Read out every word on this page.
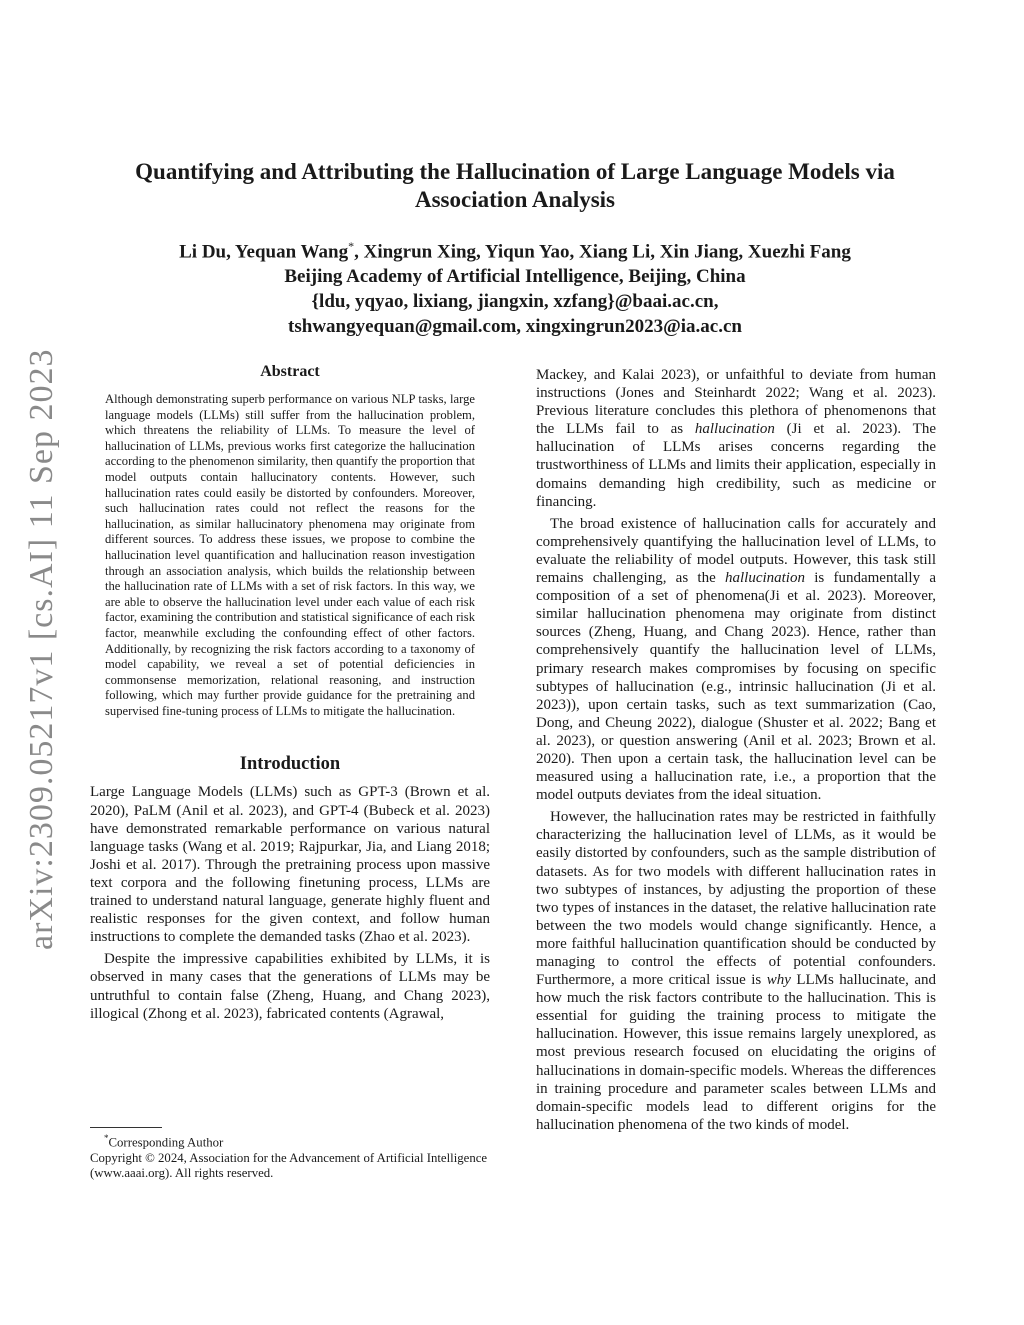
arXiv:2309.05217v1 [cs.AI] 11 Sep 2023
Quantifying and Attributing the Hallucination of Large Language Models via
Association Analysis
Li Du, Yequan Wang*, Xingrun Xing, Yiqun Yao, Xiang Li, Xin Jiang, Xuezhi Fang
Beijing Academy of Artificial Intelligence, Beijing, China
{ldu, yqyao, lixiang, jiangxin, xzfang}@baai.ac.cn,
tshwangyequan@gmail.com, xingxingrun2023@ia.ac.cn
Abstract

Although demonstrating superb performance on various NLP tasks, large language models (LLMs) still suffer from the hallucination problem, which threatens the reliability of LLMs. To measure the level of hallucination of LLMs, previous works first categorize the hallucination according to the phenomenon similarity, then quantify the proportion that model outputs contain hallucinatory contents. However, such hallucination rates could easily be distorted by confounders. Moreover, such hallucination rates could not reflect the reasons for the hallucination, as similar hallucinatory phenomena may originate from different sources. To address these issues, we propose to combine the hallucination level quantification and hallucination reason investigation through an association analysis, which builds the relationship between the hallucination rate of LLMs with a set of risk factors. In this way, we are able to observe the hallucination level under each value of each risk factor, examining the contribution and statistical significance of each risk factor, meanwhile excluding the confounding effect of other factors. Additionally, by recognizing the risk factors according to a taxonomy of model capability, we reveal a set of potential deficiencies in commonsense memorization, relational reasoning, and instruction following, which may further provide guidance for the pretraining and supervised fine-tuning process of LLMs to mitigate the hallucination.

Introduction

Large Language Models (LLMs) such as GPT-3 (Brown et al. 2020), PaLM (Anil et al. 2023), and GPT-4 (Bubeck et al. 2023) have demonstrated remarkable performance on various natural language tasks (Wang et al. 2019; Rajpurkar, Jia, and Liang 2018; Joshi et al. 2017). Through the pretraining process upon massive text corpora and the following finetuning process, LLMs are trained to understand natural language, generate highly fluent and realistic responses for the given context, and follow human instructions to complete the demanded tasks (Zhao et al. 2023).

Despite the impressive capabilities exhibited by LLMs, it is observed in many cases that the generations of LLMs may be untruthful to contain false (Zheng, Huang, and Chang 2023), illogical (Zhong et al. 2023), fabricated contents (Agrawal,

*Corresponding Author

Copyright © 2024, Association for the Advancement of Artificial Intelligence (www.aaai.org). All rights reserved.

Mackey, and Kalai 2023), or unfaithful to deviate from human instructions (Jones and Steinhardt 2022; Wang et al. 2023). Previous literature concludes this plethora of phenomenons that the LLMs fail to as hallucination (Ji et al. 2023). The hallucination of LLMs arises concerns regarding the trustworthiness of LLMs and limits their application, especially in domains demanding high credibility, such as medicine or financing.

The broad existence of hallucination calls for accurately and comprehensively quantifying the hallucination level of LLMs, to evaluate the reliability of model outputs. However, this task still remains challenging, as the hallucination is fundamentally a composition of a set of phenomena(Ji et al. 2023). Moreover, similar hallucination phenomena may originate from distinct sources (Zheng, Huang, and Chang 2023). Hence, rather than comprehensively quantify the hallucination level of LLMs, primary research makes compromises by focusing on specific subtypes of hallucination (e.g., intrinsic hallucination (Ji et al. 2023)), upon certain tasks, such as text summarization (Cao, Dong, and Cheung 2022), dialogue (Shuster et al. 2022; Bang et al. 2023), or question answering (Anil et al. 2023; Brown et al. 2020). Then upon a certain task, the hallucination level can be measured using a hallucination rate, i.e., a proportion that the model outputs deviates from the ideal situation.

However, the hallucination rates may be restricted in faithfully characterizing the hallucination level of LLMs, as it would be easily distorted by confounders, such as the sample distribution of datasets. As for two models with different hallucination rates in two subtypes of instances, by adjusting the proportion of these two types of instances in the dataset, the relative hallucination rate between the two models would change significantly. Hence, a more faithful hallucination quantification should be conducted by managing to control the effects of potential confounders. Furthermore, a more critical issue is why LLMs hallucinate, and how much the risk factors contribute to the hallucination. This is essential for guiding the training process to mitigate the hallucination. However, this issue remains largely unexplored, as most previous research focused on elucidating the origins of hallucinations in domain-specific models. Whereas the differences in training procedure and parameter scales between LLMs and domain-specific models lead to different origins for the hallucination phenomena of the two kinds of model.
